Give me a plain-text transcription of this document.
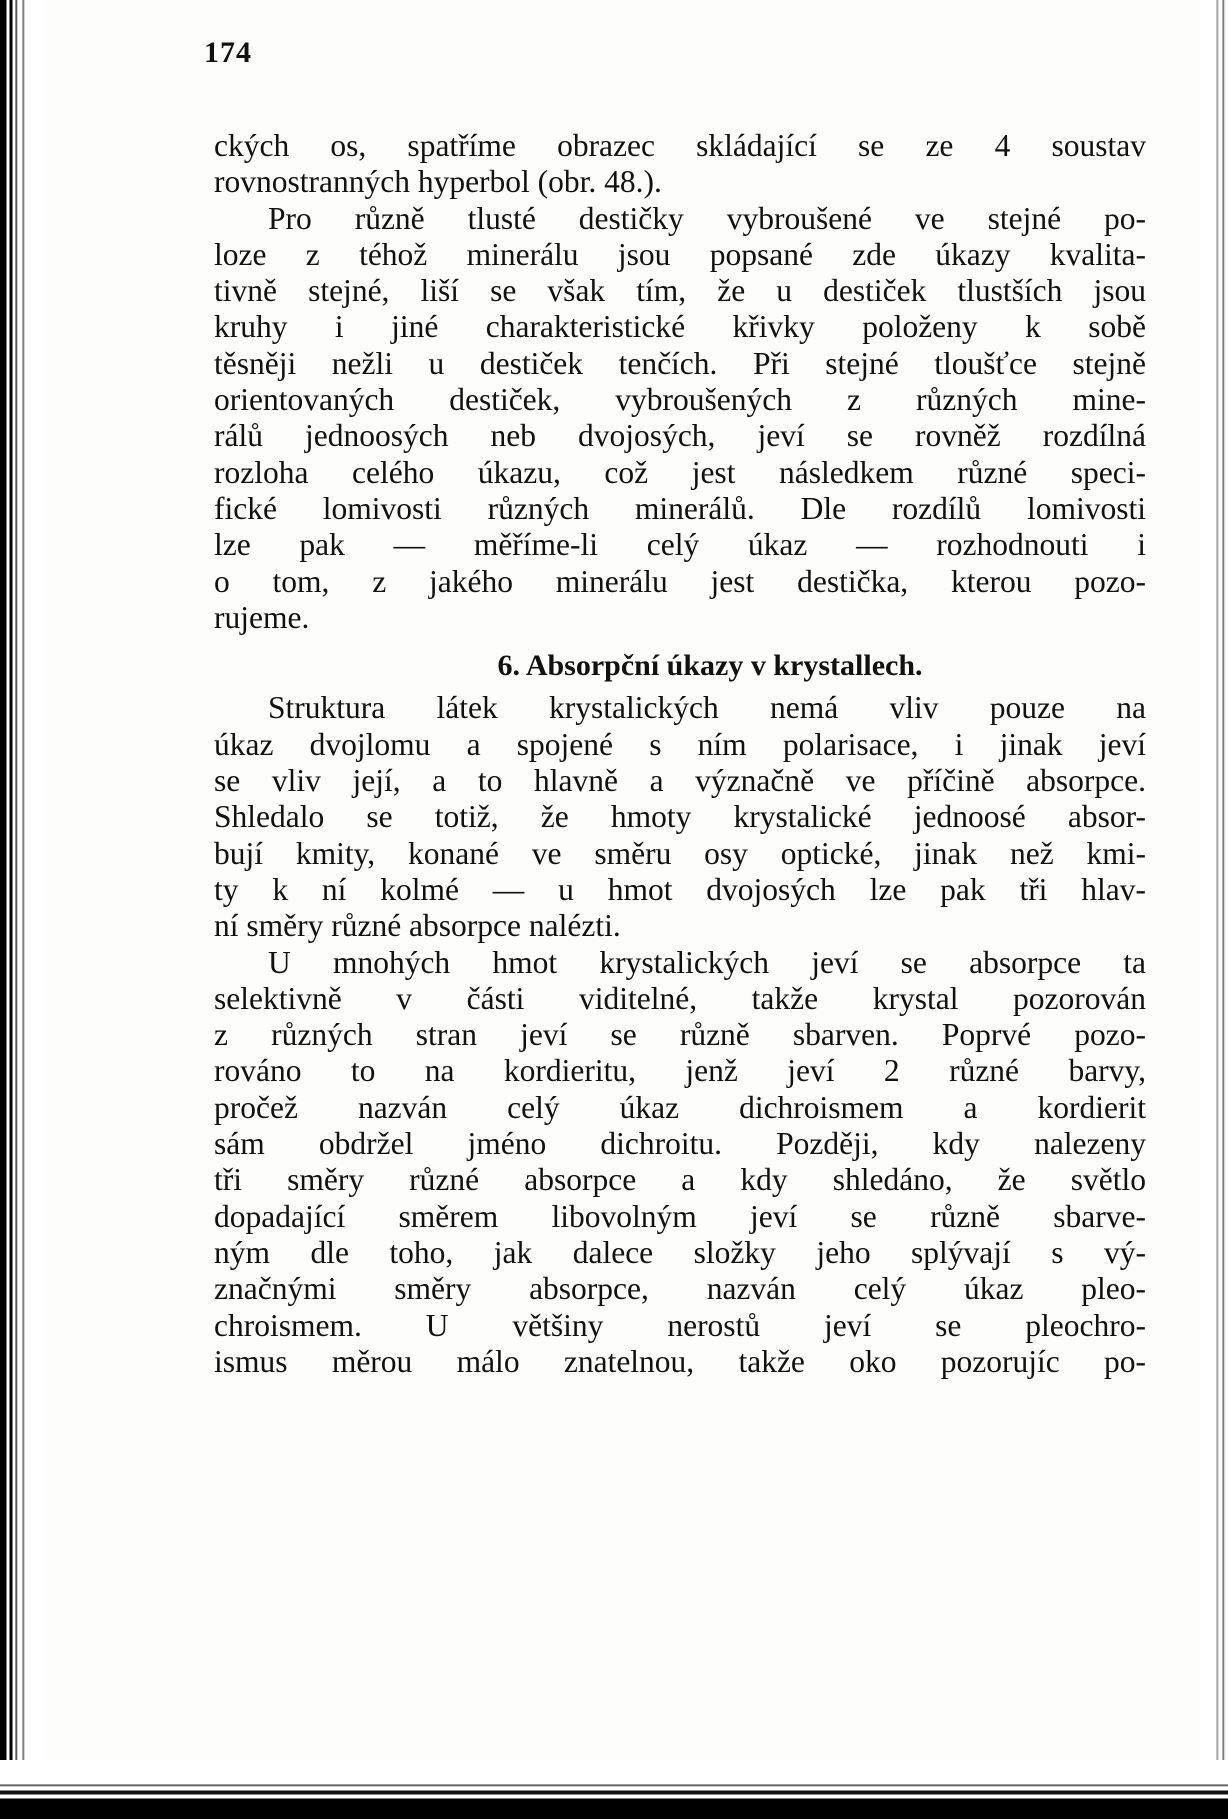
174
ckých os, spatříme obrazec skládající se ze 4 soustav
rovnostranných hyperbol (obr. 48.).
Pro různě tlusté destičky vybroušené ve stejné po-
loze z téhož minerálu jsou popsané zde úkazy kvalita-
tivně stejné, liší se však tím, že u destiček tlustších jsou
kruhy i jiné charakteristické křivky položeny k sobě
těsněji nežli u destiček tenčích. Při stejné tloušťce stejně
orientovaných destiček, vybroušených z různých mine-
rálů jednoosých neb dvojosých, jeví se rovněž rozdílná
rozloha celého úkazu, což jest následkem různé speci-
fické lomivosti různých minerálů. Dle rozdílů lomivosti
lze pak — měříme-li celý úkaz — rozhodnouti i
o tom, z jakého minerálu jest destička, kterou pozo-
rujeme.
6. Absorpční úkazy v krystallech.
Struktura látek krystalických nemá vliv pouze na
úkaz dvojlomu a spojené s ním polarisace, i jinak jeví
se vliv její, a to hlavně a význačně ve příčině absorpce.
Shledalo se totiž, že hmoty krystalické jednoosé absor-
bují kmity, konané ve směru osy optické, jinak než kmi-
ty k ní kolmé — u hmot dvojosých lze pak tři hlav-
ní směry různé absorpce nalézti.
U mnohých hmot krystalických jeví se absorpce ta
selektivně v části viditelné, takže krystal pozorován
z různých stran jeví se různě sbarven. Poprvé pozo-
rováno to na kordieritu, jenž jeví 2 různé barvy,
pročež nazván celý úkaz dichroismem a kordierit
sám obdržel jméno dichroitu. Později, kdy nalezeny
tři směry různé absorpce a kdy shledáno, že světlo
dopadající směrem libovolným jeví se různě sbarve-
ným dle toho, jak dalece složky jeho splývají s vý-
značnými směry absorpce, nazván celý úkaz pleo-
chroismem. U většiny nerostů jeví se pleochro-
ismus měrou málo znatelnou, takže oko pozorujíc po-
